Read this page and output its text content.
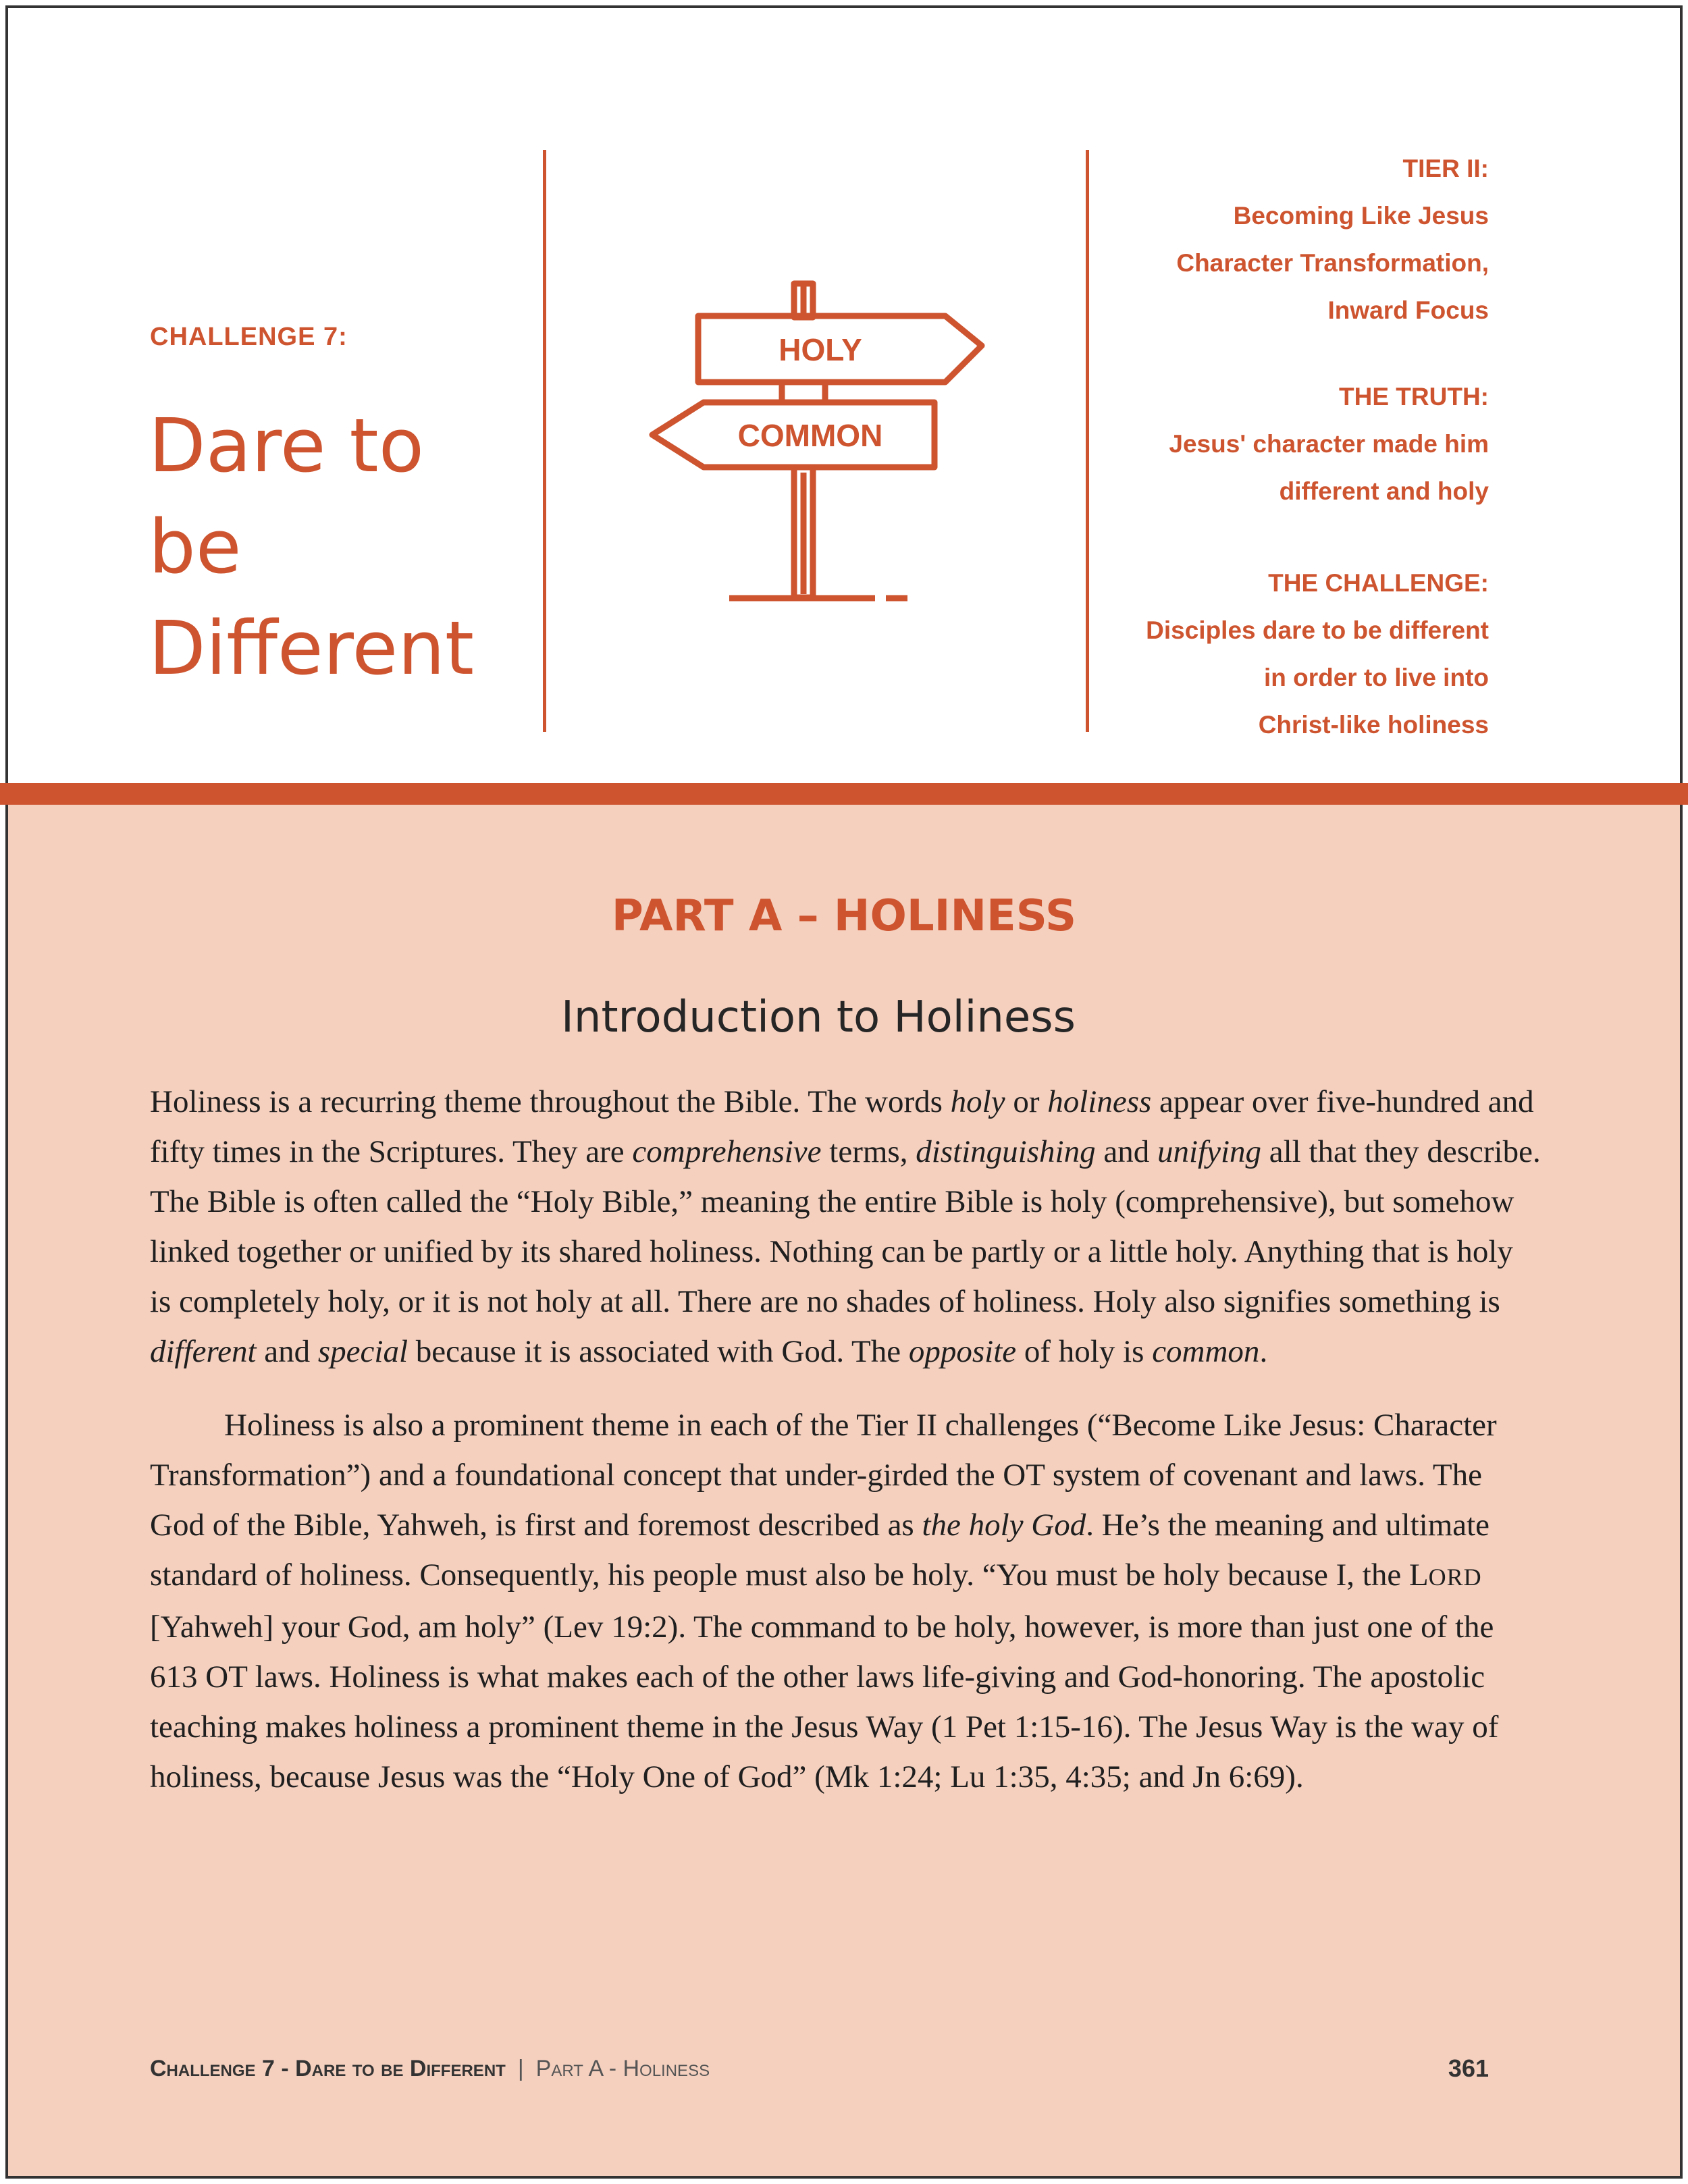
CHALLENGE 7:
Dare to be Different
HOLY
COMMON
TIER II:
Becoming Like Jesus
Character Transformation,
Inward Focus
THE TRUTH:
Jesus' character made him
different and holy
THE CHALLENGE:
Disciples dare to be different
in order to live into
Christ-like holiness
PART A – HOLINESS
Introduction to Holiness

Holiness is a recurring theme throughout the Bible. The words holy or holiness appear over five-hundred and fifty times in the Scriptures. They are comprehensive terms, distinguishing and unifying all that they describe. The Bible is often called the “Holy Bible,” meaning the entire Bible is holy (comprehensive), but somehow linked together or unified by its shared holiness. Nothing can be partly or a little holy. Anything that is holy is completely holy, or it is not holy at all. There are no shades of holiness. Holy also signifies something is different and special because it is associated with God. The opposite of holy is common.

Holiness is also a prominent theme in each of the Tier II challenges (“Become Like Jesus: Character Transformation”) and a foundational concept that under-girded the OT system of covenant and laws. The God of the Bible, Yahweh, is first and foremost described as the holy God. He’s the meaning and ultimate standard of holiness. Consequently, his people must also be holy. “You must be holy because I, the LORD [Yahweh] your God, am holy” (Lev 19:2). The command to be holy, however, is more than just one of the 613 OT laws. Holiness is what makes each of the other laws life-giving and God-honoring. The apostolic teaching makes holiness a prominent theme in the Jesus Way (1 Pet 1:15-16). The Jesus Way is the way of holiness, because Jesus was the “Holy One of God” (Mk 1:24; Lu 1:35, 4:35; and Jn 6:69).

Challenge 7 - Dare to be Different | Part A - Holiness	361
